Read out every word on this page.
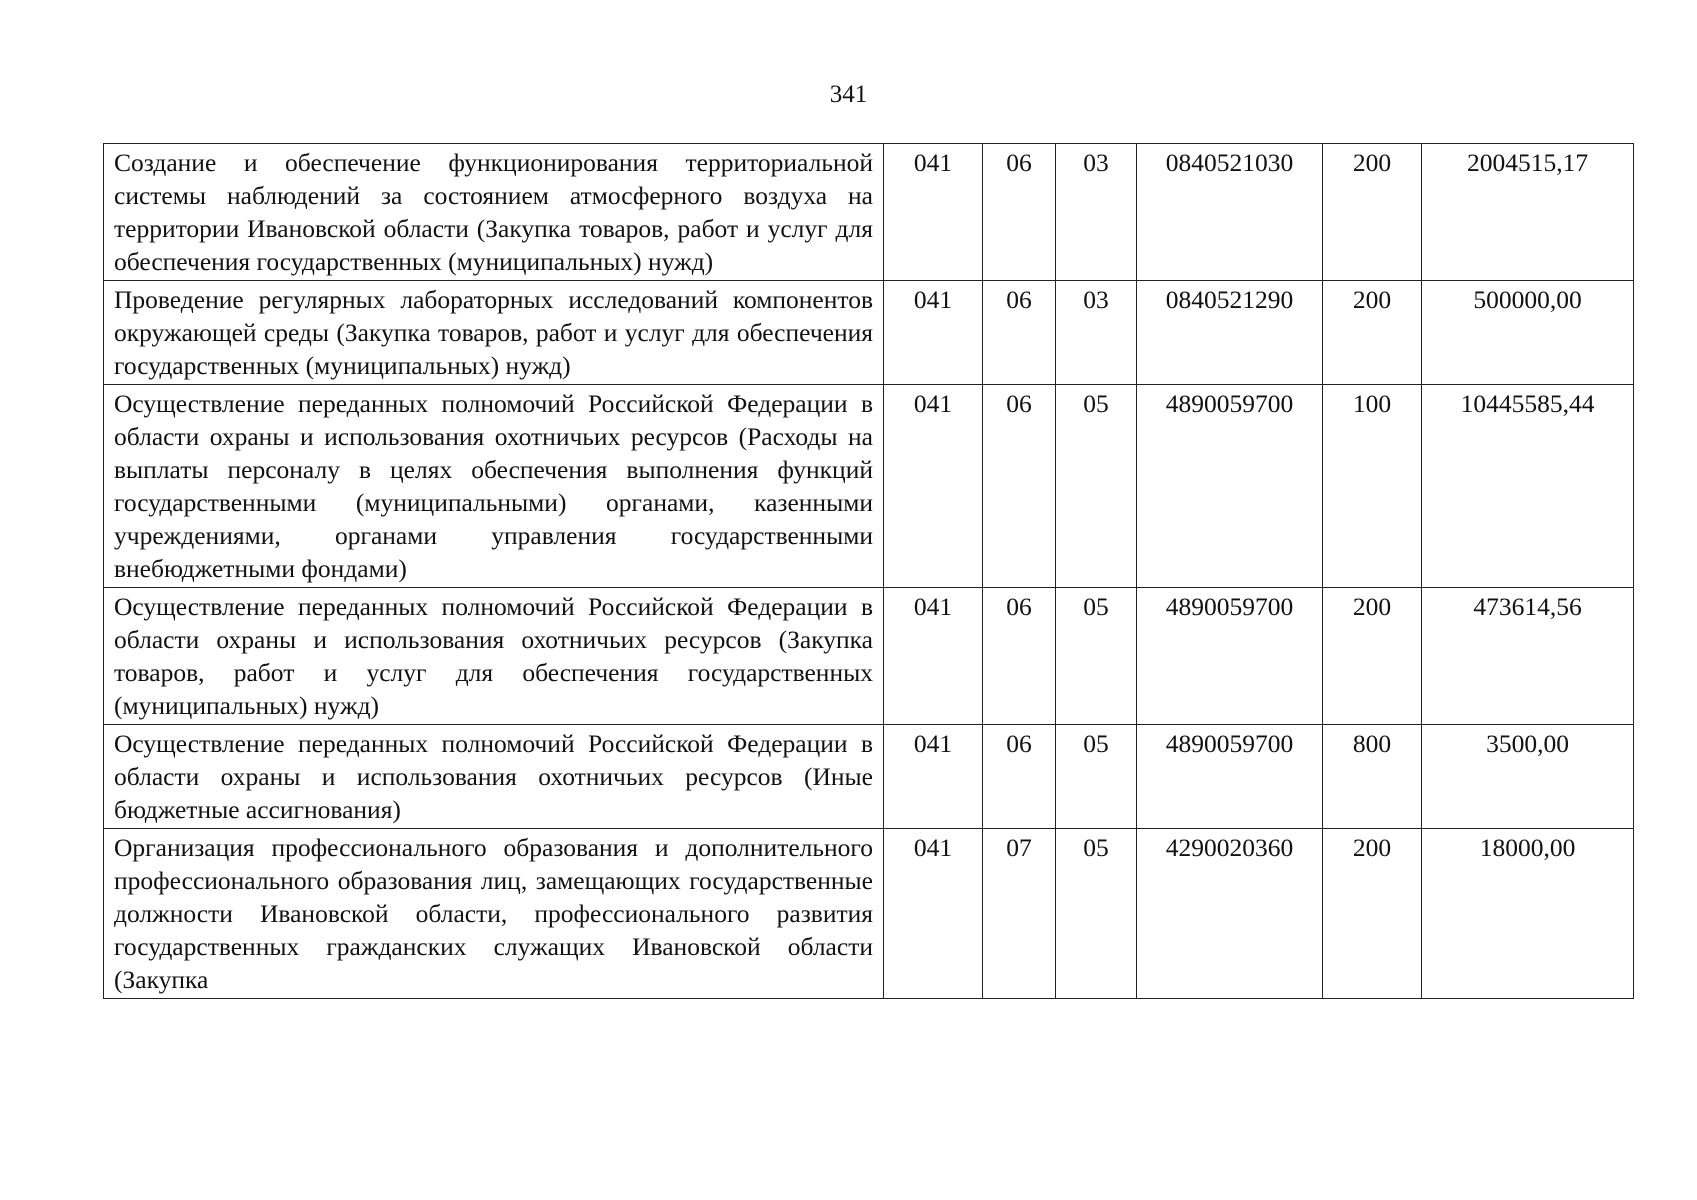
341
Создание и обеспечение функционирования территориальной системы наблюдений за состоянием атмосферного воздуха на территории Ивановской области (Закупка товаров, работ и услуг для обеспечения государственных (муниципальных) нужд)	041	06	03	0840521030	200	2004515,17
Проведение регулярных лабораторных исследований компонентов окружающей среды (Закупка товаров, работ и услуг для обеспечения государственных (муниципальных) нужд)	041	06	03	0840521290	200	500000,00
Осуществление переданных полномочий Российской Федерации в области охраны и использования охотничьих ресурсов (Расходы на выплаты персоналу в целях обеспечения выполнения функций государственными (муниципальными) органами, казенными учреждениями, органами управления государственными внебюджетными фондами)	041	06	05	4890059700	100	10445585,44
Осуществление переданных полномочий Российской Федерации в области охраны и использования охотничьих ресурсов (Закупка товаров, работ и услуг для обеспечения государственных (муниципальных) нужд)	041	06	05	4890059700	200	473614,56
Осуществление переданных полномочий Российской Федерации в области охраны и использования охотничьих ресурсов (Иные бюджетные ассигнования)	041	06	05	4890059700	800	3500,00
Организация профессионального образования и дополнительного профессионального образования лиц, замещающих государственные должности Ивановской области, профессионального развития государственных гражданских служащих Ивановской области (Закупка	041	07	05	4290020360	200	18000,00
